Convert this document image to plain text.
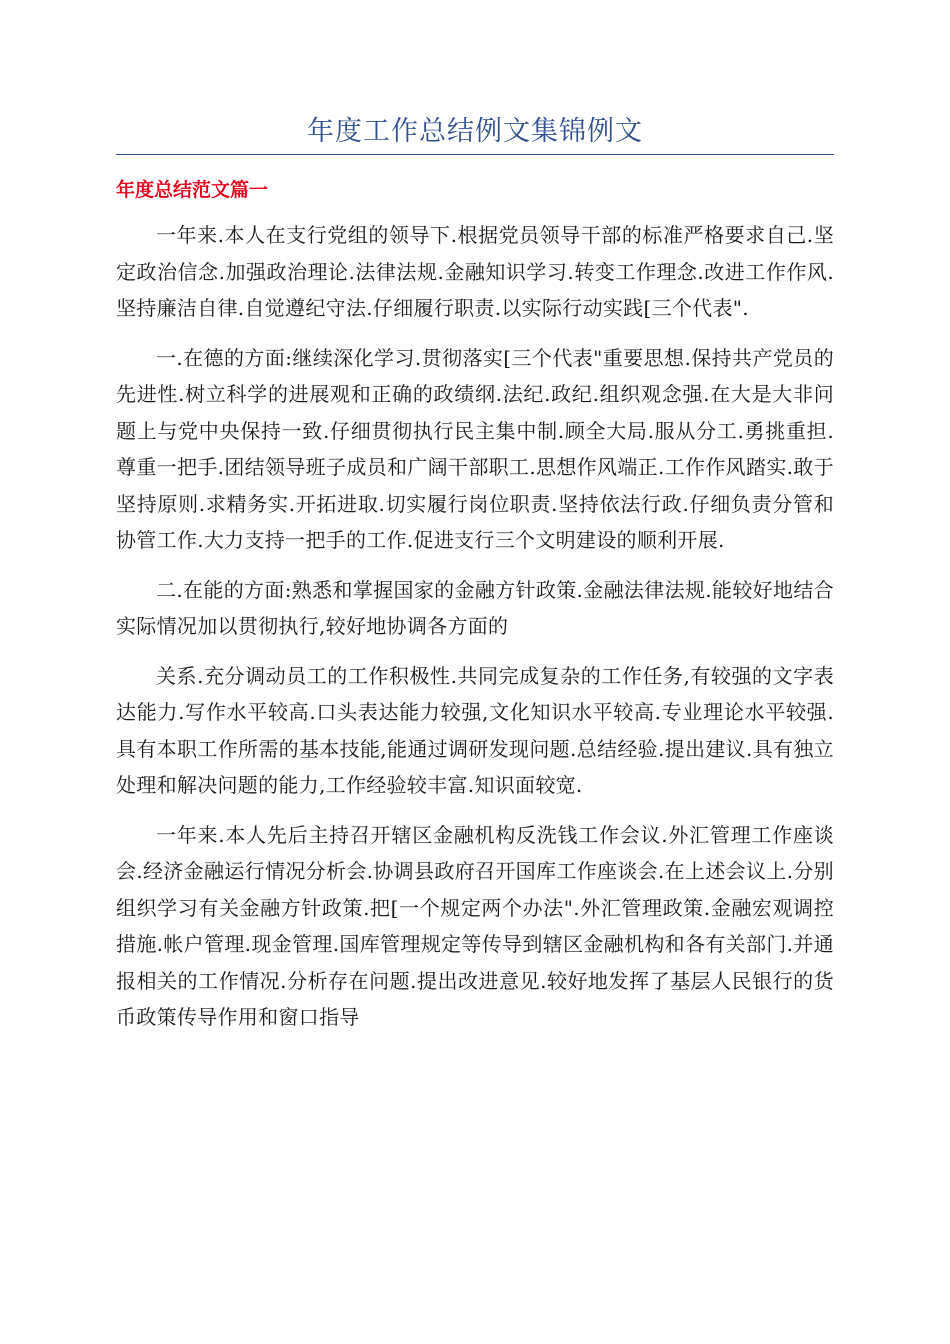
年度工作总结例文集锦例文
年度总结范文篇一

一年来.本人在支行党组的领导下.根据党员领导干部的标准严格要求自己.坚定政治信念.加强政治理论.法律法规.金融知识学习.转变工作理念.改进工作作风.坚持廉洁自律.自觉遵纪守法.仔细履行职责.以实际行动实践[三个代表".

一.在德的方面:继续深化学习.贯彻落实[三个代表"重要思想.保持共产党员的先进性.树立科学的进展观和正确的政绩纲.法纪.政纪.组织观念强.在大是大非问题上与党中央保持一致.仔细贯彻执行民主集中制.顾全大局.服从分工.勇挑重担.尊重一把手.团结领导班子成员和广阔干部职工.思想作风端正.工作作风踏实.敢于坚持原则.求精务实.开拓进取.切实履行岗位职责.坚持依法行政.仔细负责分管和协管工作.大力支持一把手的工作.促进支行三个文明建设的顺利开展.

二.在能的方面:熟悉和掌握国家的金融方针政策.金融法律法规.能较好地结合实际情况加以贯彻执行,较好地协调各方面的

关系.充分调动员工的工作积极性.共同完成复杂的工作任务,有较强的文字表达能力.写作水平较高.口头表达能力较强,文化知识水平较高.专业理论水平较强.具有本职工作所需的基本技能,能通过调研发现问题.总结经验.提出建议.具有独立处理和解决问题的能力,工作经验较丰富.知识面较宽.

一年来.本人先后主持召开辖区金融机构反洗钱工作会议.外汇管理工作座谈会.经济金融运行情况分析会.协调县政府召开国库工作座谈会.在上述会议上.分别组织学习有关金融方针政策.把[一个规定两个办法".外汇管理政策.金融宏观调控措施.帐户管理.现金管理.国库管理规定等传导到辖区金融机构和各有关部门.并通报相关的工作情况.分析存在问题.提出改进意见.较好地发挥了基层人民银行的货币政策传导作用和窗口指导
